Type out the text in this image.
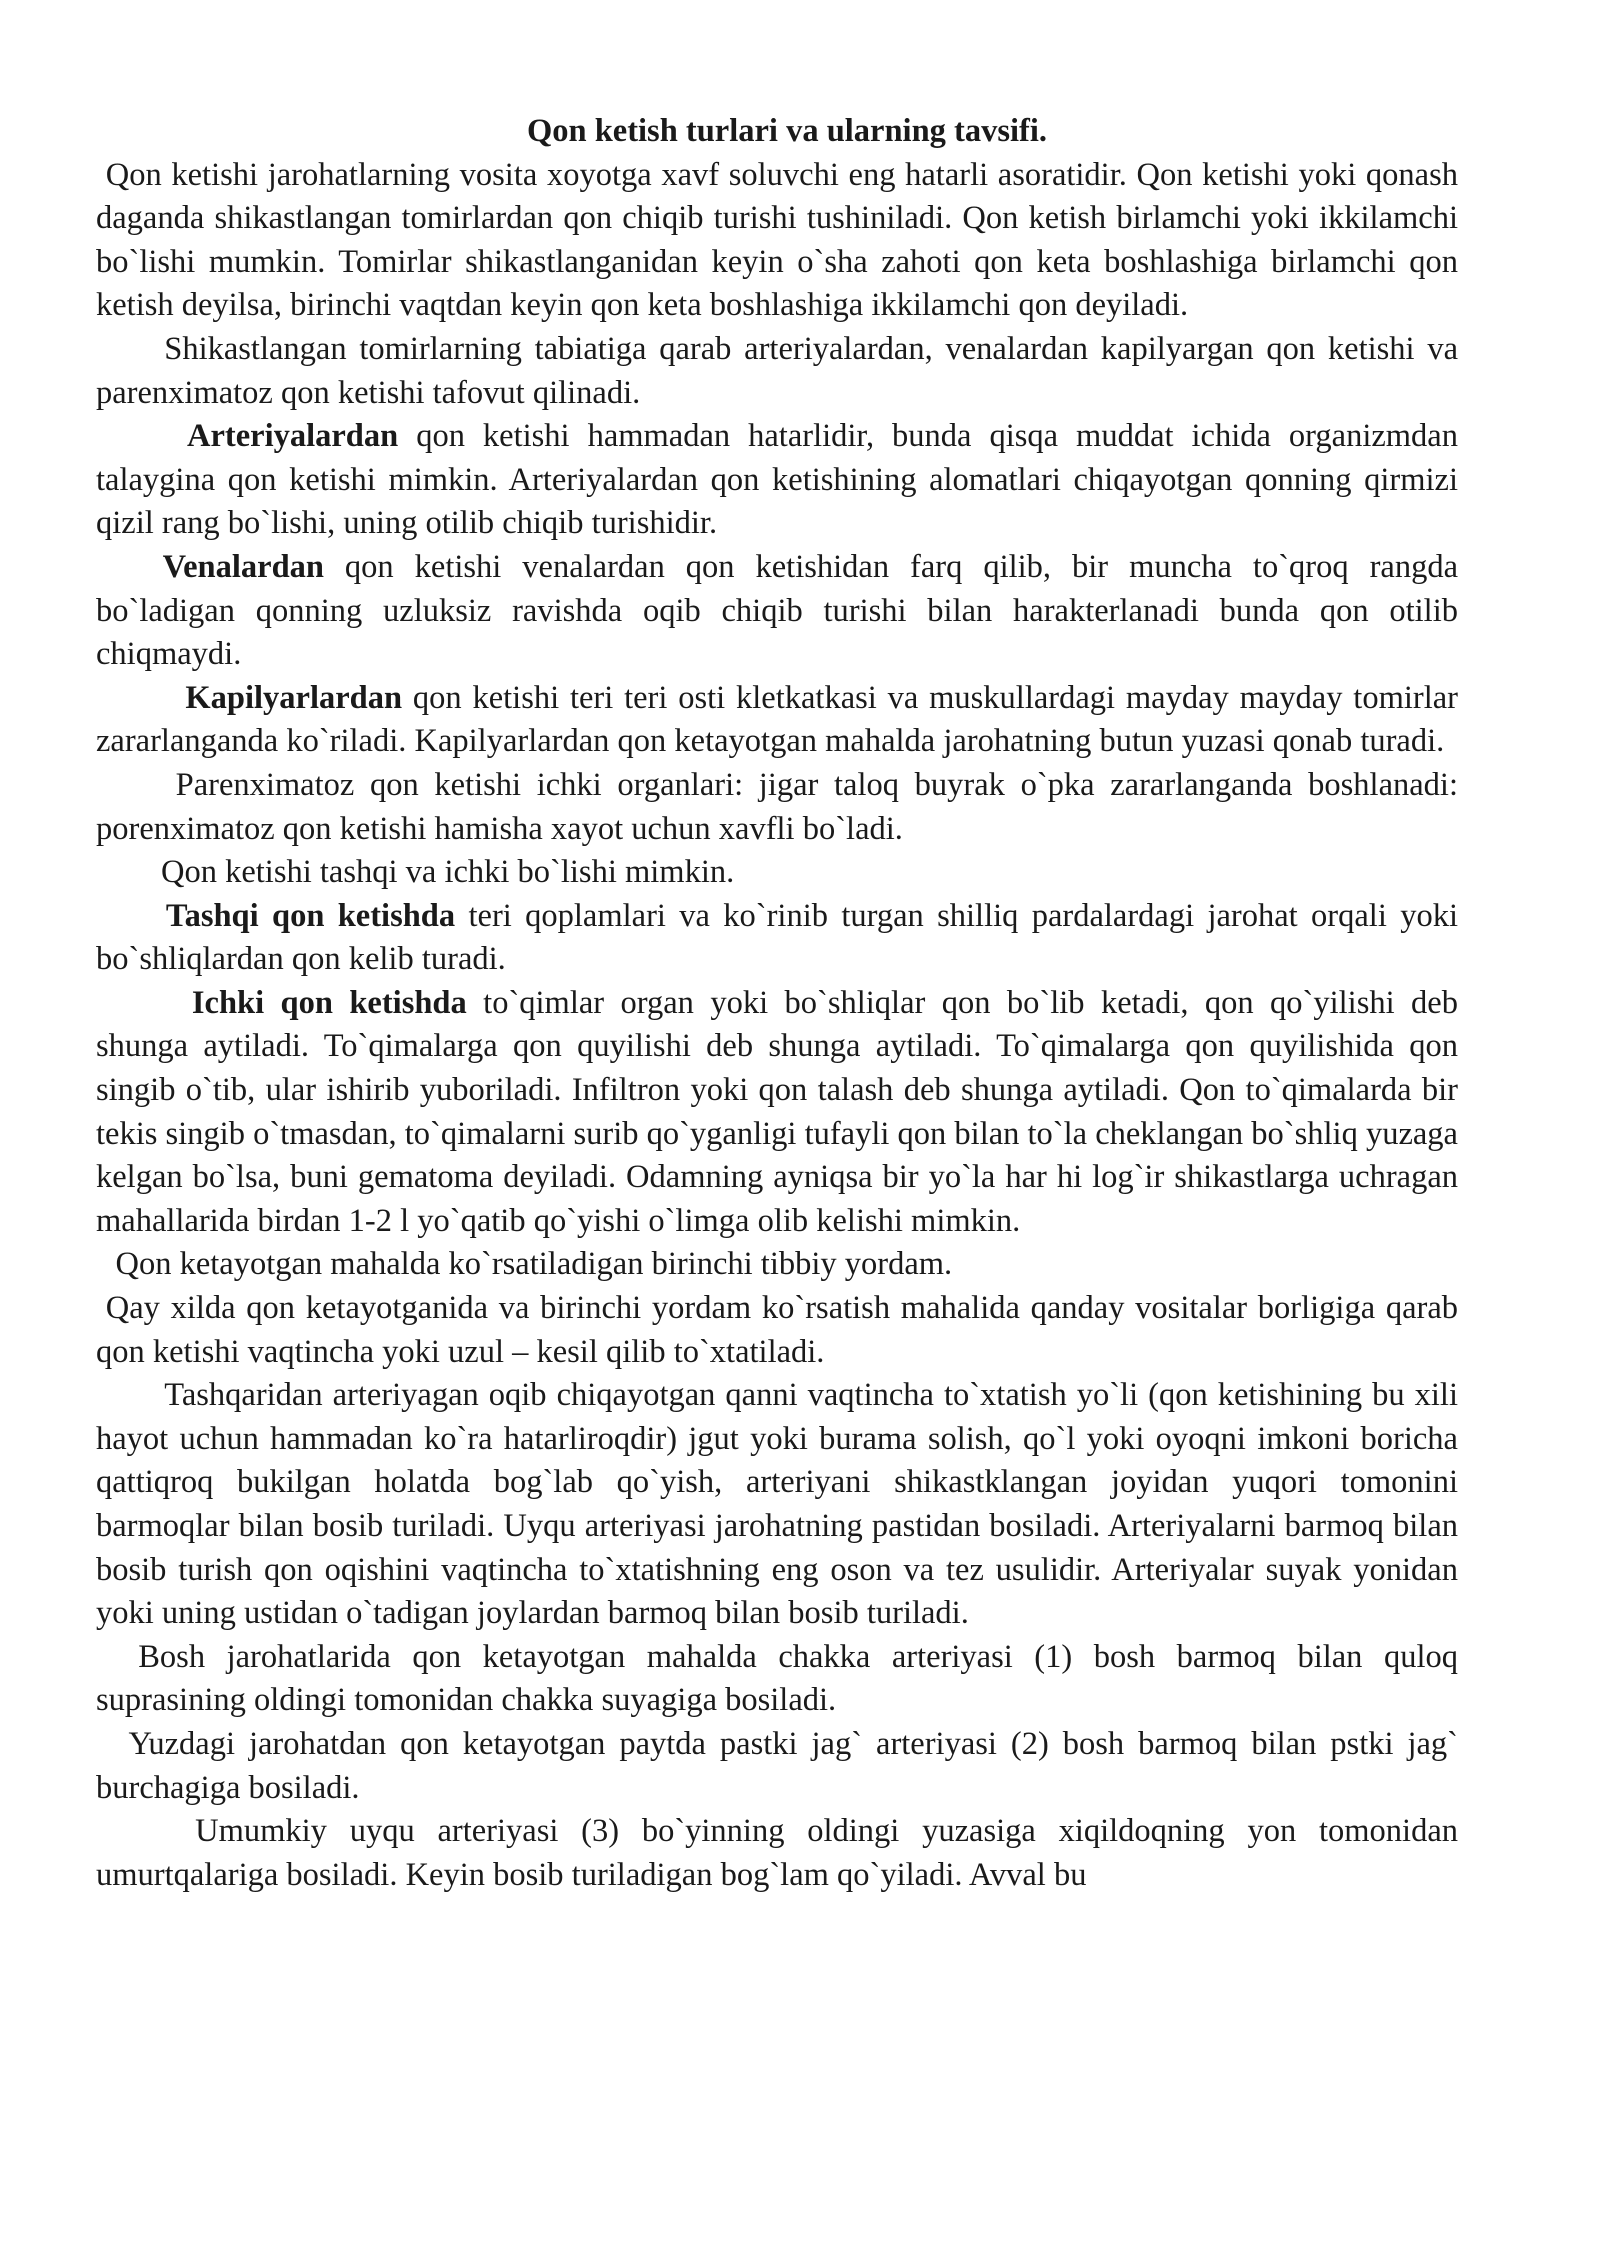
Qon ketish turlari va ularning tavsifi.

Qon ketishi jarohatlarning vosita xoyotga xavf soluvchi eng hatarli asoratidir. Qon ketishi yoki qonash daganda shikastlangan tomirlardan qon chiqib turishi tushiniladi. Qon ketish birlamchi yoki ikkilamchi bo`lishi mumkin. Tomirlar shikastlanganidan keyin o`sha zahoti qon keta boshlashiga birlamchi qon ketish deyilsa, birinchi vaqtdan keyin qon keta boshlashiga ikkilamchi qon deyiladi.

Shikastlangan tomirlarning tabiatiga qarab arteriyalardan, venalardan kapilyargan qon ketishi va parenximatoz qon ketishi tafovut qilinadi.

Arteriyalardan qon ketishi hammadan hatarlidir, bunda qisqa muddat ichida organizmdan talaygina qon ketishi mimkin. Arteriyalardan qon ketishining alomatlari chiqayotgan qonning qirmizi qizil rang bo`lishi, uning otilib chiqib turishidir.

Venalardan qon ketishi venalardan qon ketishidan farq qilib, bir muncha to`qroq rangda bo`ladigan qonning uzluksiz ravishda oqib chiqib turishi bilan harakterlanadi bunda qon otilib chiqmaydi.

Kapilyarlardan qon ketishi teri teri osti kletkatkasi va muskullardagi mayday mayday tomirlar zararlanganda ko`riladi. Kapilyarlardan qon ketayotgan mahalda jarohatning butun yuzasi qonab turadi.

Parenximatoz qon ketishi ichki organlari: jigar taloq buyrak o`pka zararlanganda boshlanadi: porenximatoz qon ketishi hamisha xayot uchun xavfli bo`ladi.

Qon ketishi tashqi va ichki bo`lishi mimkin.

Tashqi qon ketishda teri qoplamlari va ko`rinib turgan shilliq pardalardagi jarohat orqali yoki bo`shliqlardan qon kelib turadi.

Ichki qon ketishda to`qimlar organ yoki bo`shliqlar qon bo`lib ketadi, qon qo`yilishi deb shunga aytiladi. To`qimalarga qon quyilishi deb shunga aytiladi. To`qimalarga qon quyilishida qon singib o`tib, ular ishirib yuboriladi. Infiltron yoki qon talash deb shunga aytiladi. Qon to`qimalarda bir tekis singib o`tmasdan, to`qimalarni surib qo`yganligi tufayli qon bilan to`la cheklangan bo`shliq yuzaga kelgan bo`lsa, buni gematoma deyiladi. Odamning ayniqsa bir yo`la har hi log`ir shikastlarga uchragan mahallarida birdan 1-2 l yo`qatib qo`yishi o`limga olib kelishi mimkin.

Qon ketayotgan mahalda ko`rsatiladigan birinchi tibbiy yordam.

Qay xilda qon ketayotganida va birinchi yordam ko`rsatish mahalida qanday vositalar borligiga qarab qon ketishi vaqtincha yoki uzul – kesil qilib to`xtatiladi.

Tashqaridan arteriyagan oqib chiqayotgan qanni vaqtincha to`xtatish yo`li (qon ketishining bu xili hayot uchun hammadan ko`ra hatarliroqdir) jgut yoki burama solish, qo`l yoki oyoqni imkoni boricha qattiqroq bukilgan holatda bog`lab qo`yish, arteriyani shikastklangan joyidan yuqori tomonini barmoqlar bilan bosib turiladi. Uyqu arteriyasi jarohatning pastidan bosiladi. Arteriyalarni barmoq bilan bosib turish qon oqishini vaqtincha to`xtatishning eng oson va tez usulidir. Arteriyalar suyak yonidan yoki uning ustidan o`tadigan joylardan barmoq bilan bosib turiladi.

Bosh jarohatlarida qon ketayotgan mahalda chakka arteriyasi (1) bosh barmoq bilan quloq suprasining oldingi tomonidan chakka suyagiga bosiladi.

Yuzdagi jarohatdan qon ketayotgan paytda pastki jag` arteriyasi (2) bosh barmoq bilan pstki jag` burchagiga bosiladi.

Umumkiy uyqu arteriyasi (3) bo`yinning oldingi yuzasiga xiqildoqning yon tomonidan umurtqalariga bosiladi. Keyin bosib turiladigan bog`lam qo`yiladi. Avval bu
